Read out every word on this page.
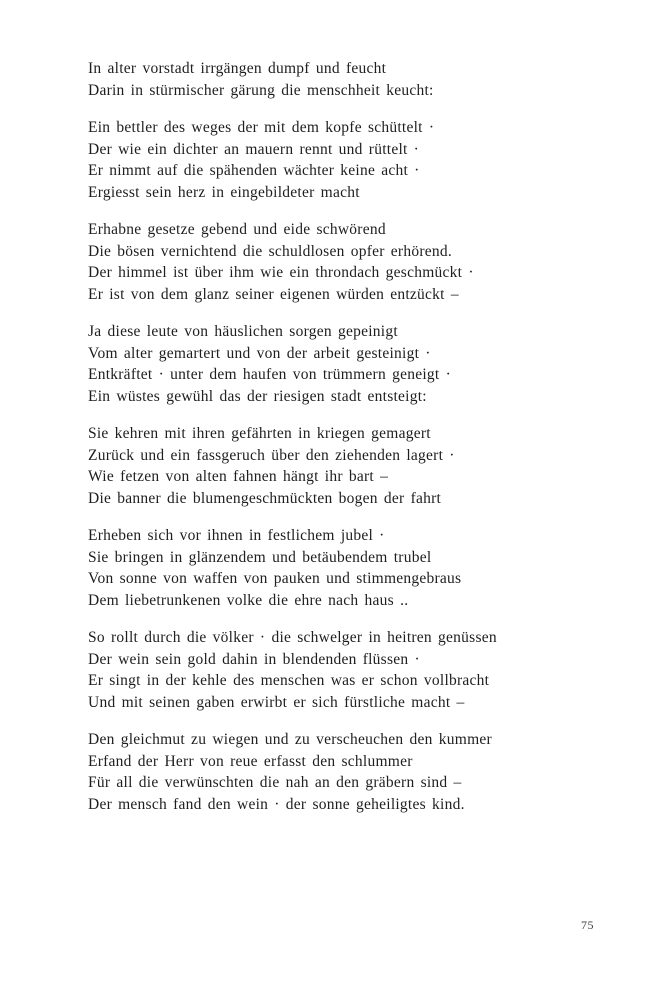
In alter vorstadt irrgängen dumpf und feucht
Darin in stürmischer gärung die menschheit keucht:
Ein bettler des weges der mit dem kopfe schüttelt ·
Der wie ein dichter an mauern rennt und rüttelt ·
Er nimmt auf die spähenden wächter keine acht ·
Ergiesst sein herz in eingebildeter macht
Erhabne gesetze gebend und eide schwörend
Die bösen vernichtend die schuldlosen opfer erhörend.
Der himmel ist über ihm wie ein throndach geschmückt ·
Er ist von dem glanz seiner eigenen würden entzückt –
Ja diese leute von häuslichen sorgen gepeinigt
Vom alter gemartert und von der arbeit gesteinigt ·
Entkräftet · unter dem haufen von trümmern geneigt ·
Ein wüstes gewühl das der riesigen stadt entsteigt:
Sie kehren mit ihren gefährten in kriegen gemagert
Zurück und ein fassgeruch über den ziehenden lagert ·
Wie fetzen von alten fahnen hängt ihr bart –
Die banner die blumengeschmückten bogen der fahrt
Erheben sich vor ihnen in festlichem jubel ·
Sie bringen in glänzendem und betäubendem trubel
Von sonne von waffen von pauken und stimmengebraus
Dem liebetrunkenen volke die ehre nach haus ..
So rollt durch die völker · die schwelger in heitren genüssen
Der wein sein gold dahin in blendenden flüssen ·
Er singt in der kehle des menschen was er schon vollbracht
Und mit seinen gaben erwirbt er sich fürstliche macht –
Den gleichmut zu wiegen und zu verscheuchen den kummer
Erfand der Herr von reue erfasst den schlummer
Für all die verwünschten die nah an den gräbern sind –
Der mensch fand den wein · der sonne geheiligtes kind.
75
